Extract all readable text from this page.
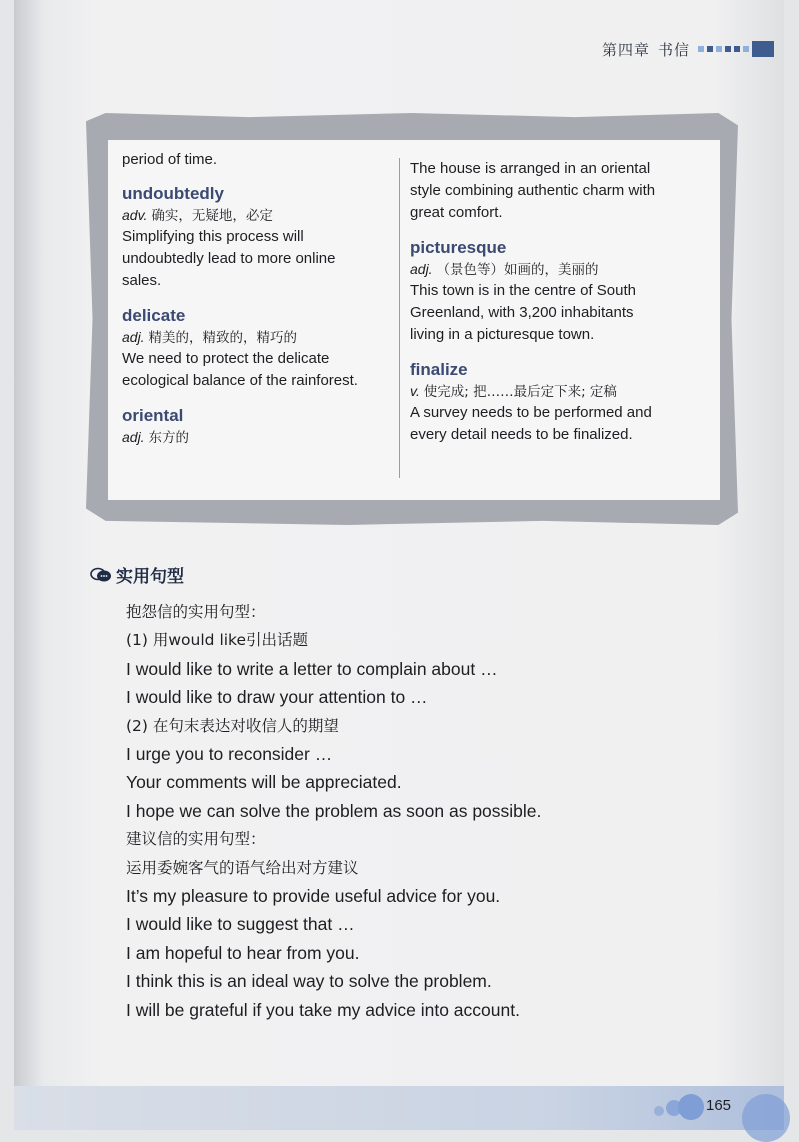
第四章 书信
period of time.
undoubtedly
adv. 确实，无疑地，必定
Simplifying this process will
undoubtedly lead to more online
sales.
delicate
adj. 精美的，精致的，精巧的
We need to protect the delicate
ecological balance of the rainforest.
oriental
adj. 东方的
The house is arranged in an oriental
style combining authentic charm with
great comfort.
picturesque
adj. （景色等）如画的，美丽的
This town is in the centre of South
Greenland, with 3,200 inhabitants
living in a picturesque town.
finalize
v. 使完成; 把……最后定下来; 定稿
A survey needs to be performed and
every detail needs to be finalized.
实用句型
抱怨信的实用句型：
(1) 用would like引出话题
I would like to write a letter to complain about …
I would like to draw your attention to …
(2) 在句末表达对收信人的期望
I urge you to reconsider …
Your comments will be appreciated.
I hope we can solve the problem as soon as possible.
建议信的实用句型：
运用委婉客气的语气给出对方建议
It’s my pleasure to provide useful advice for you.
I would like to suggest that …
I am hopeful to hear from you.
I think this is an ideal way to solve the problem.
I will be grateful if you take my advice into account.
165
